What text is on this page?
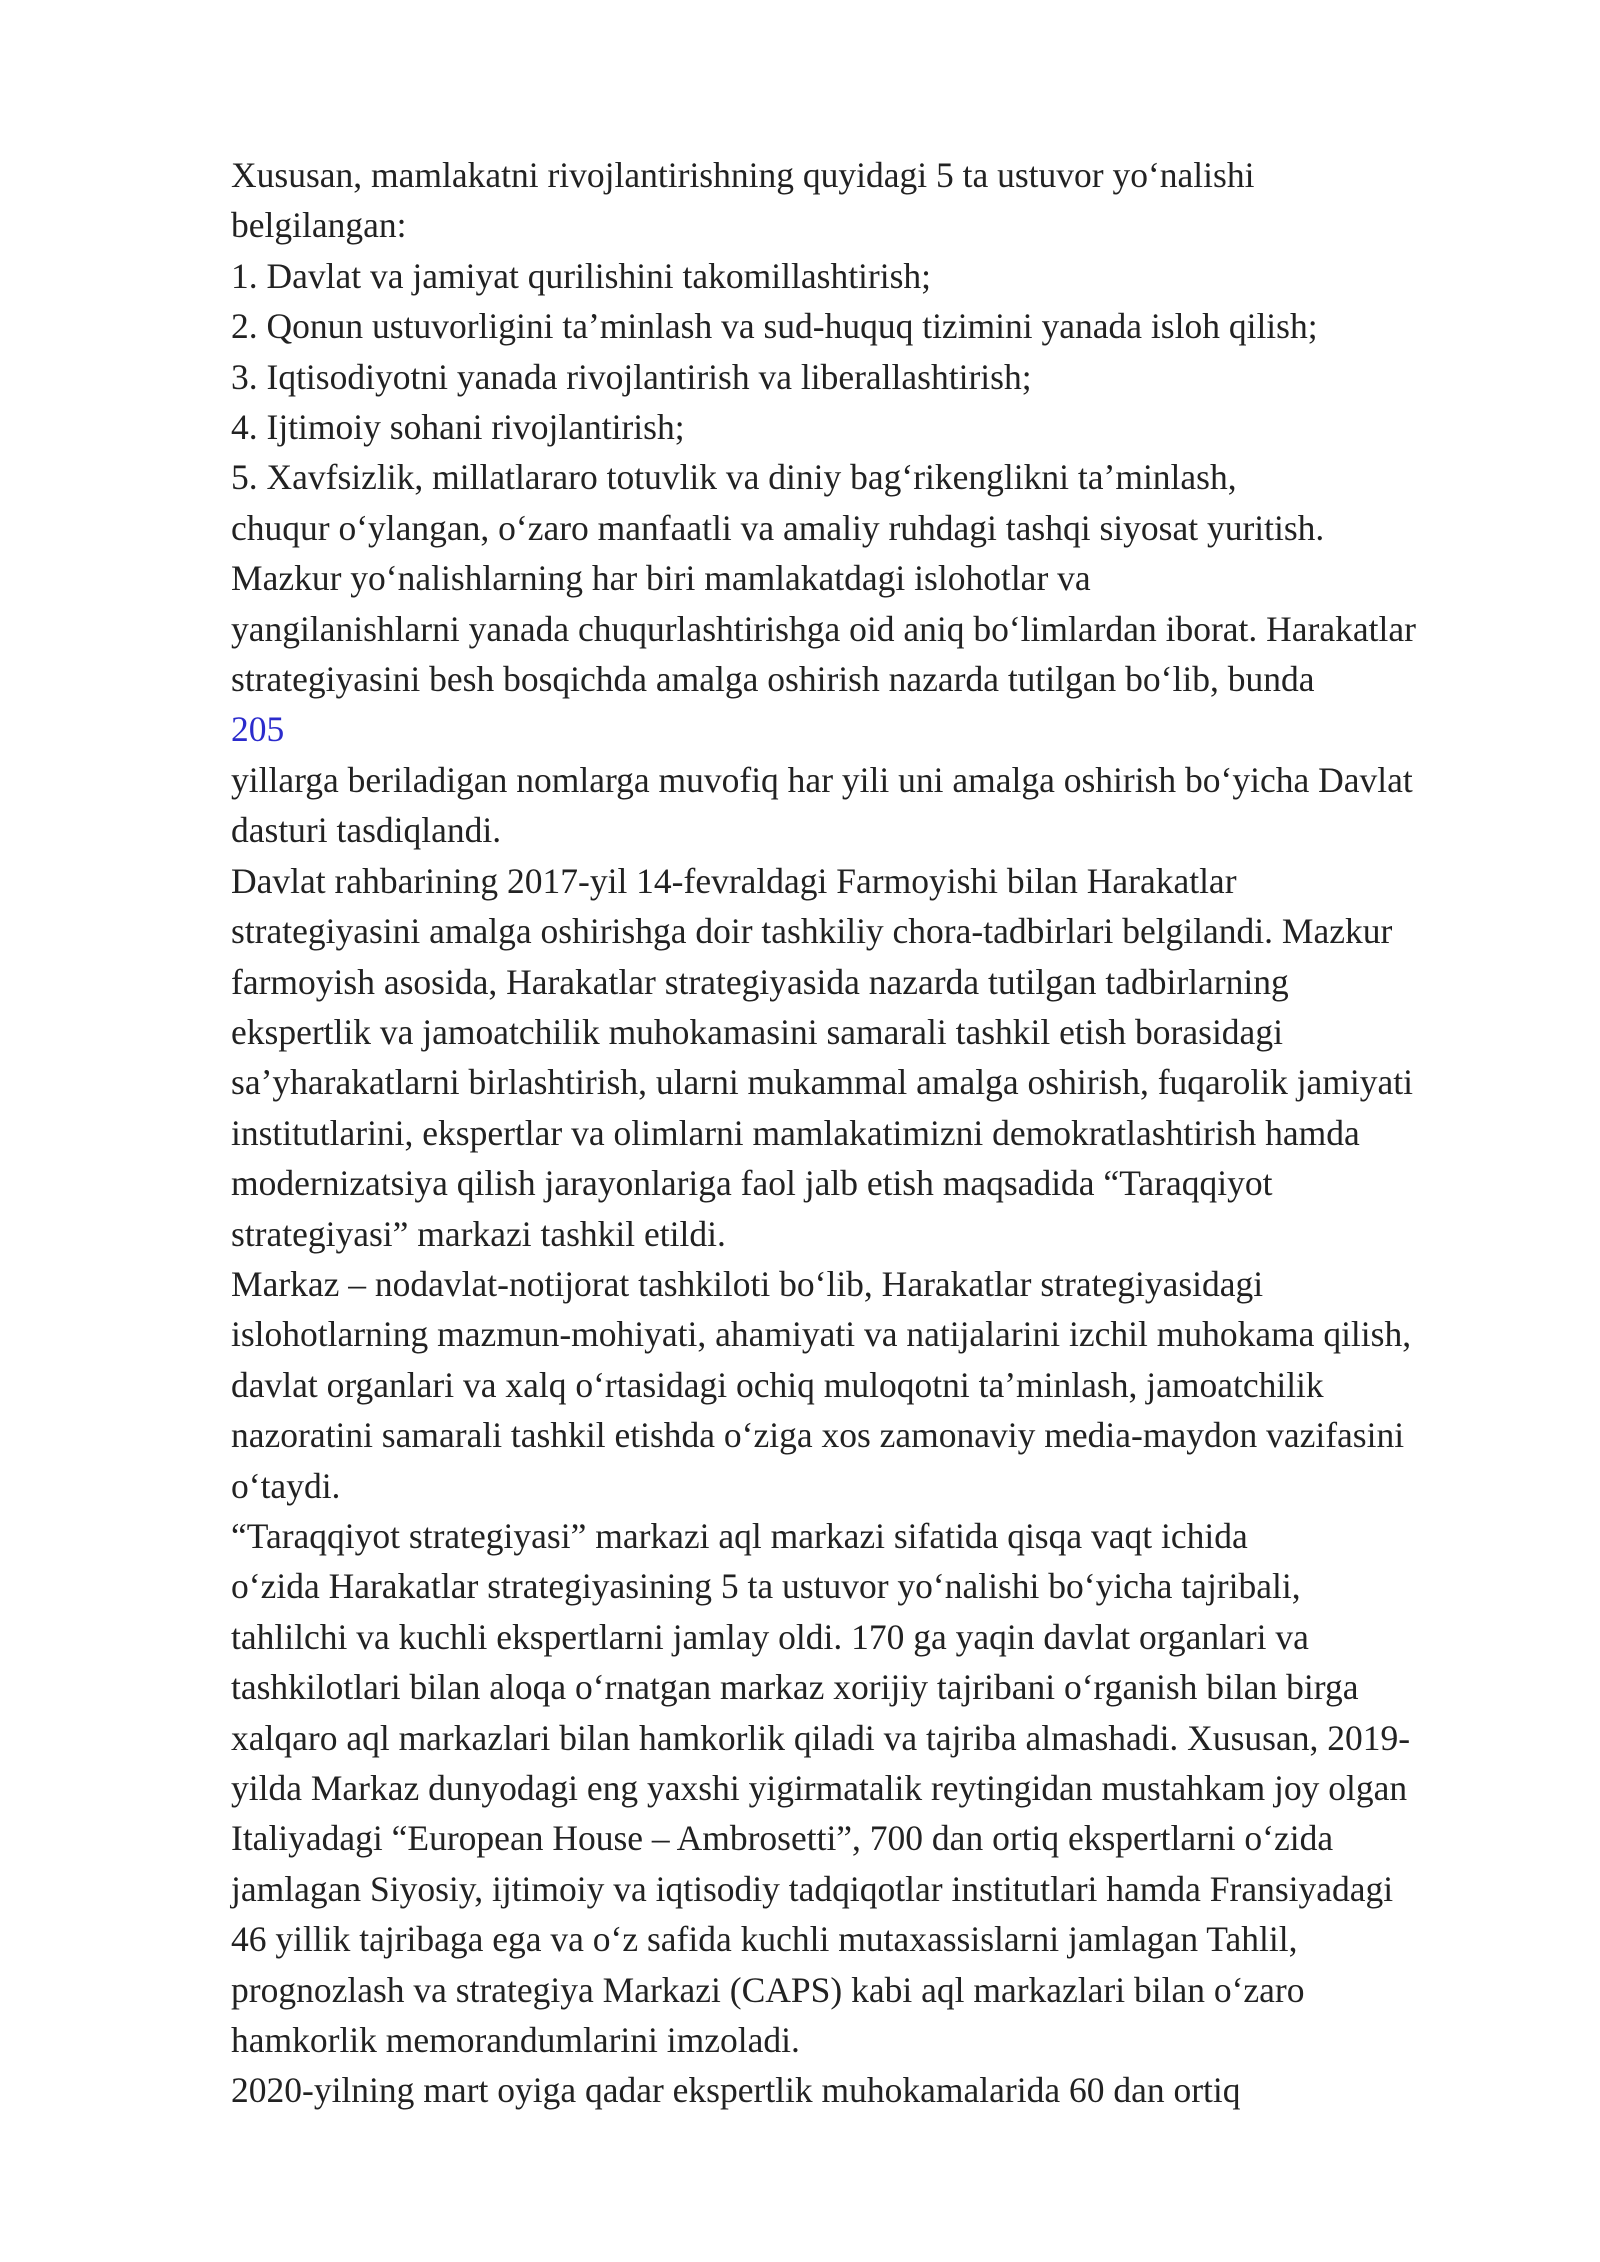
Xususan, mamlakatni rivojlantirishning quyidagi 5 ta ustuvor yoʻnalishi
belgilangan:
1. Davlat va jamiyat qurilishini takomillashtirish;
2. Qonun ustuvorligini taʼminlash va sud-huquq tizimini yanada isloh qilish;
3. Iqtisodiyotni yanada rivojlantirish va liberallashtirish;
4. Ijtimoiy sohani rivojlantirish;
5. Xavfsizlik, millatlararo totuvlik va diniy bagʻrikenglikni taʼminlash,
chuqur oʻylangan, oʻzaro manfaatli va amaliy ruhdagi tashqi siyosat yuritish.
Mazkur yoʻnalishlarning har biri mamlakatdagi islohotlar va
yangilanishlarni yanada chuqurlashtirishga oid aniq boʻlimlardan iborat. Harakatlar
strategiyasini besh bosqichda amalga oshirish nazarda tutilgan boʻlib, bunda
205
yillarga beriladigan nomlarga muvofiq har yili uni amalga oshirish boʻyicha Davlat
dasturi tasdiqlandi.
Davlat rahbarining 2017-yil 14-fevraldagi Farmoyishi bilan Harakatlar
strategiyasini amalga oshirishga doir tashkiliy chora-tadbirlari belgilandi. Mazkur
farmoyish asosida, Harakatlar strategiyasida nazarda tutilgan tadbirlarning
ekspertlik va jamoatchilik muhokamasini samarali tashkil etish borasidagi
saʼyharakatlarni birlashtirish, ularni mukammal amalga oshirish, fuqarolik jamiyati
institutlarini, ekspertlar va olimlarni mamlakatimizni demokratlashtirish hamda
modernizatsiya qilish jarayonlariga faol jalb etish maqsadida “Taraqqiyot
strategiyasi” markazi tashkil etildi.
Markaz – nodavlat-notijorat tashkiloti boʻlib, Harakatlar strategiyasidagi
islohotlarning mazmun-mohiyati, ahamiyati va natijalarini izchil muhokama qilish,
davlat organlari va xalq oʻrtasidagi ochiq muloqotni taʼminlash, jamoatchilik
nazoratini samarali tashkil etishda oʻziga xos zamonaviy media-maydon vazifasini
oʻtaydi.
“Taraqqiyot strategiyasi” markazi aql markazi sifatida qisqa vaqt ichida
oʻzida Harakatlar strategiyasining 5 ta ustuvor yoʻnalishi boʻyicha tajribali,
tahlilchi va kuchli ekspertlarni jamlay oldi. 170 ga yaqin davlat organlari va
tashkilotlari bilan aloqa oʻrnatgan markaz xorijiy tajribani oʻrganish bilan birga
xalqaro aql markazlari bilan hamkorlik qiladi va tajriba almashadi. Xususan, 2019-
yilda Markaz dunyodagi eng yaxshi yigirmatalik reytingidan mustahkam joy olgan
Italiyadagi “European House – Ambrosetti”, 700 dan ortiq ekspertlarni oʻzida
jamlagan Siyosiy, ijtimoiy va iqtisodiy tadqiqotlar institutlari hamda Fransiyadagi
46 yillik tajribaga ega va oʻz safida kuchli mutaxassislarni jamlagan Tahlil,
prognozlash va strategiya Markazi (CAPS) kabi aql markazlari bilan oʻzaro
hamkorlik memorandumlarini imzoladi.
2020-yilning mart oyiga qadar ekspertlik muhokamalarida 60 dan ortiq
